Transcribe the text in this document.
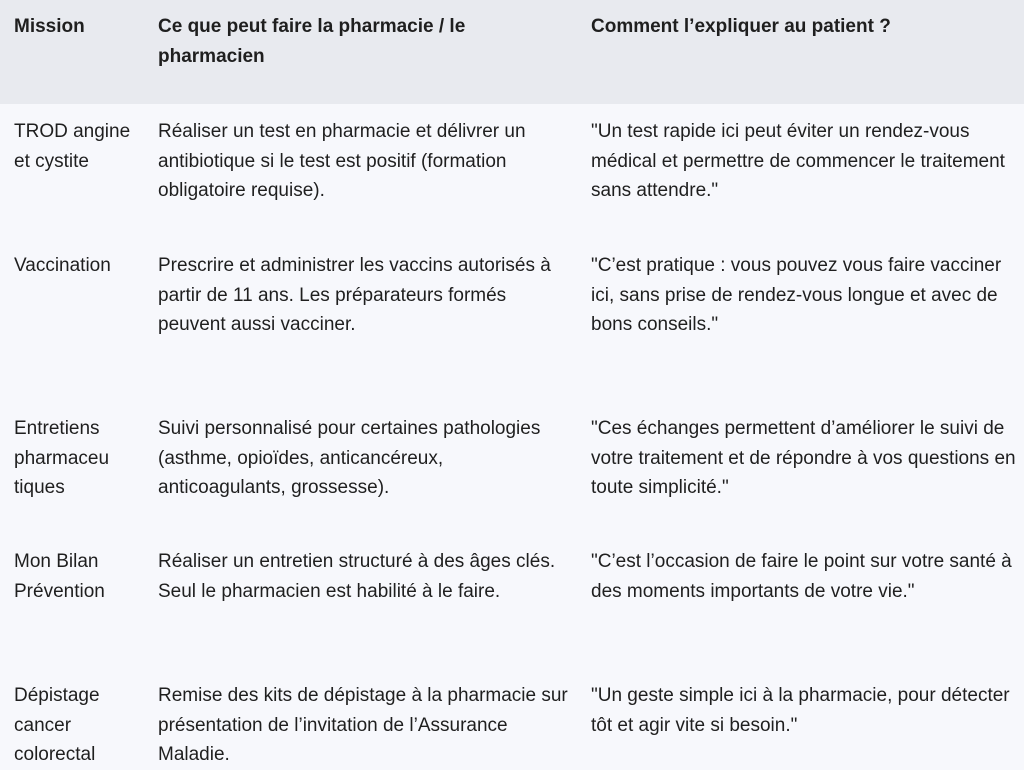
Mission	Ce que peut faire la pharmacie / le pharmacien
Comment l’expliquer au patient ?
TROD angine et cystite
Réaliser un test en pharmacie et délivrer un antibiotique si le test est positif (formation obligatoire requise).
"Un test rapide ici peut éviter un rendez-vous médical et permettre de commencer le traitement sans attendre."
Vaccination	Prescrire et administrer les vaccins autorisés à partir de 11 ans. Les préparateurs formés peuvent aussi vacciner.
"C’est pratique : vous pouvez vous faire vacciner ici, sans prise de rendez-vous longue et avec de bons conseils."
Entretiens pharmaceu tiques
Suivi personnalisé pour certaines pathologies (asthme, opioïdes, anticancéreux, anticoagulants, grossesse).
"Ces échanges permettent d’améliorer le suivi de votre traitement et de répondre à vos questions en toute simplicité."
Mon Bilan Prévention
Réaliser un entretien structuré à des âges clés. Seul le pharmacien est habilité à le faire.
"C’est l’occasion de faire le point sur votre santé à des moments importants de votre vie."
Dépistage cancer colorectal
Remise des kits de dépistage à la pharmacie sur présentation de l’invitation de l’Assurance Maladie.
"Un geste simple ici à la pharmacie, pour détecter tôt et agir vite si besoin."
